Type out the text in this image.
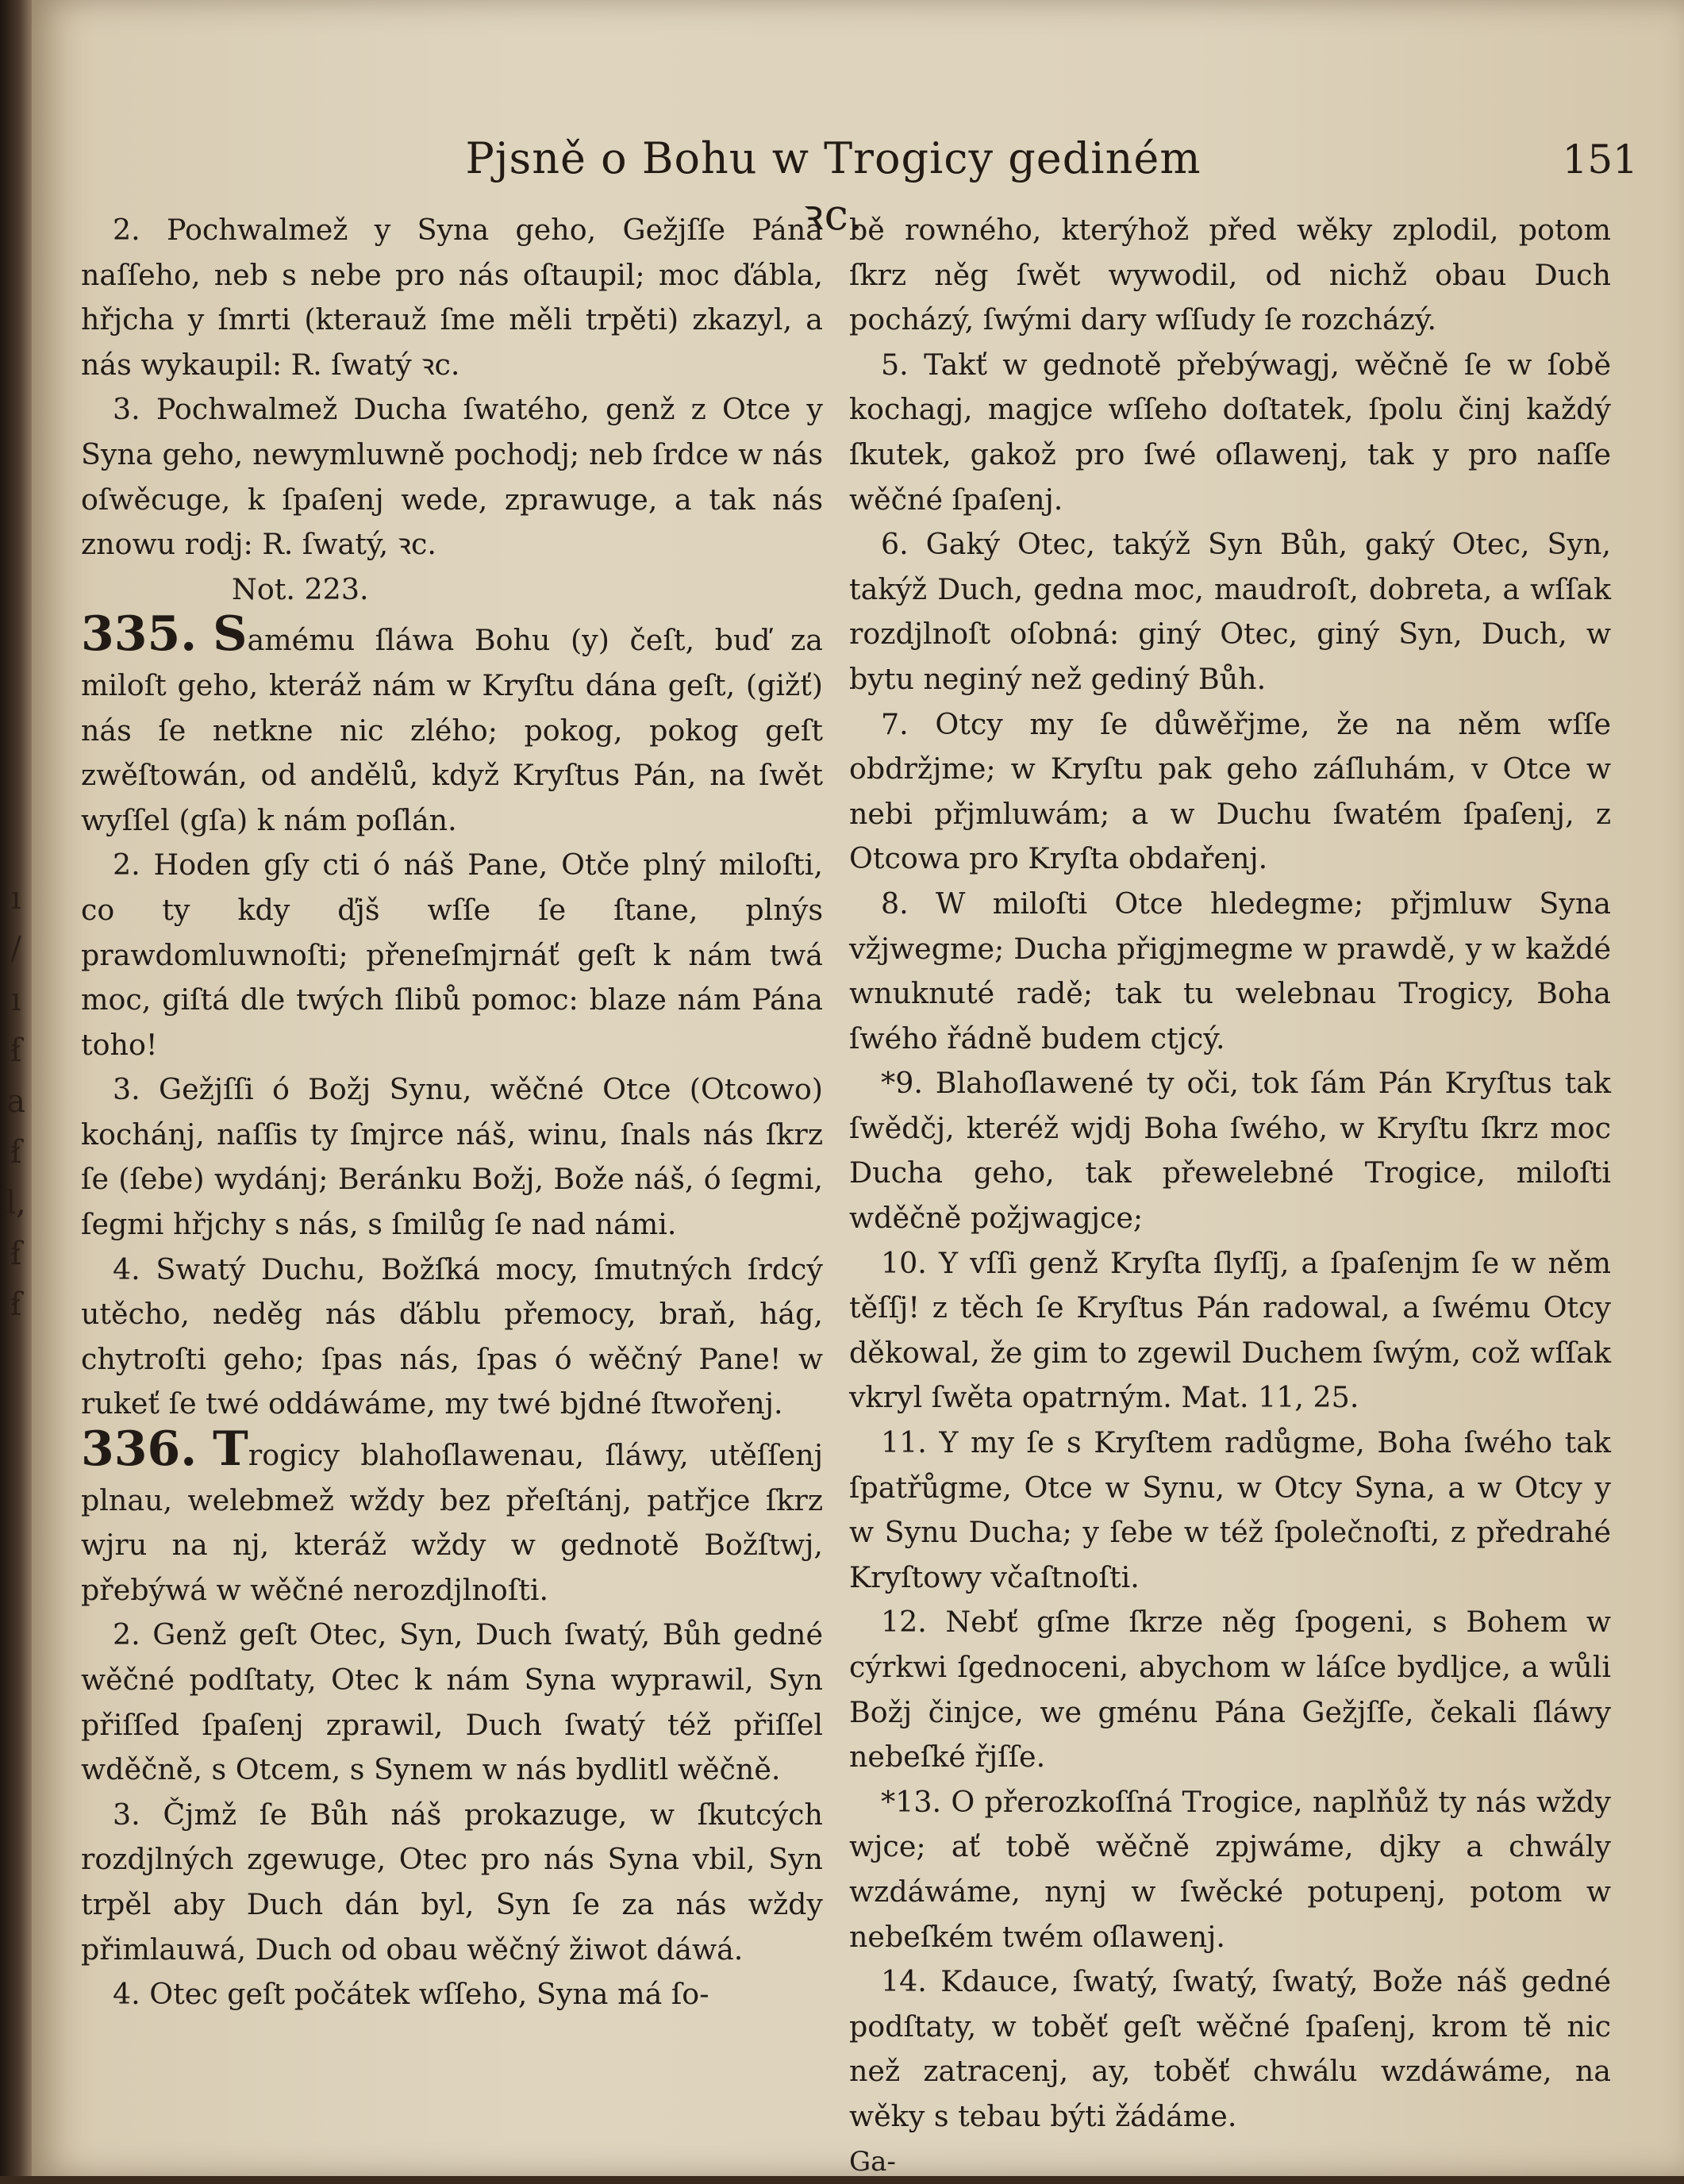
ı
/
ı
ẜ
a
ẜ
l,
ẜ
ẜ
Pjsně o Bohu w Trogicy gediném ꝛc.
151

2. Pochwalmež y Syna geho, Gežjſſe Pána naſſeho, neb s nebe pro nás oſtaupil; moc ďábla, hřjcha y ſmrti (kterauž ſme měli trpěti) zkazyl, a nás wykaupil: R. ſwatý ꝛc.

3. Pochwalmež Ducha ſwatého, genž z Otce y Syna geho, newymluwně pochodj; neb ſrdce w nás oſwěcuge, k ſpaſenj wede, zprawuge, a tak nás znowu rodj: R. ſwatý, ꝛc.

Not. 223.

335. Samému ſláwa Bohu (y) čeſt, buď za miloſt geho, kteráž nám w Kryſtu dána geſt, (gižť) nás ſe netkne nic zlého; pokog, pokog geſt zwěſtowán, od andělů, když Kryſtus Pán, na ſwět wyſſel (gſa) k nám poſlán.

2. Hoden gſy cti ó náš Pane, Otče plný miloſti, co ty kdy ďjš wſſe ſe ſtane, plnýs prawdomluwnoſti; přeneſmjrnáť geſt k nám twá moc, giſtá dle twých ſlibů pomoc: blaze nám Pána toho!

3. Gežjſſi ó Božj Synu, wěčné Otce (Otcowo) kochánj, naſſis ty ſmjrce náš, winu, ſnals nás ſkrz ſe (ſebe) wydánj; Beránku Božj, Bože náš, ó ſegmi, ſegmi hřjchy s nás, s ſmilůg ſe nad námi.

4. Swatý Duchu, Božſká mocy, ſmutných ſrdcý utěcho, neděg nás ďáblu přemocy, braň, hág, chytroſti geho; ſpas nás, ſpas ó wěčný Pane! w rukeť ſe twé oddáwáme, my twé bjdné ſtwořenj.

336. Trogicy blahoſlawenau, ſláwy, utěſſenj plnau, welebmež wždy bez přeſtánj, patřjce ſkrz wjru na nj, kteráž wždy w gednotě Božſtwj, přebýwá w wěčné nerozdjlnoſti.

2. Genž geſt Otec, Syn, Duch ſwatý, Bůh gedné wěčné podſtaty, Otec k nám Syna wyprawil, Syn přiſſed ſpaſenj zprawil, Duch ſwatý též přiſſel wděčně, s Otcem, s Synem w nás bydlitl wěčně.

3. Čjmž ſe Bůh náš prokazuge, w ſkutcých rozdjlných zgewuge, Otec pro nás Syna vbil, Syn trpěl aby Duch dán byl, Syn ſe za nás wždy přimlauwá, Duch od obau wěčný žiwot dáwá.

4. Otec geſt počátek wſſeho, Syna má ſo-

bě rowného, kterýhož před wěky zplodil, potom ſkrz něg ſwět wywodil, od nichž obau Duch pocházý, ſwými dary wſſudy ſe rozcházý.

5. Takť w gednotě přebýwagj, wěčně ſe w ſobě kochagj, magjce wſſeho doſtatek, ſpolu činj každý ſkutek, gakož pro ſwé oſlawenj, tak y pro naſſe wěčné ſpaſenj.

6. Gaký Otec, takýž Syn Bůh, gaký Otec, Syn, takýž Duch, gedna moc, maudroſt, dobreta, a wſſak rozdjlnoſt oſobná: giný Otec, giný Syn, Duch, w bytu neginý než gediný Bůh.

7. Otcy my ſe důwěřjme, že na něm wſſe obdržjme; w Kryſtu pak geho záſluhám, v Otce w nebi přjmluwám; a w Duchu ſwatém ſpaſenj, z Otcowa pro Kryſta obdařenj.

8. W miloſti Otce hledegme; přjmluw Syna vžjwegme; Ducha přigjmegme w prawdě, y w každé wnuknuté radě; tak tu welebnau Trogicy, Boha ſwého řádně budem ctjcý.

*9. Blahoſlawené ty oči, tok ſám Pán Kryſtus tak ſwědčj, kteréž wjdj Boha ſwého, w Kryſtu ſkrz moc Ducha geho, tak přewelebné Trogice, miloſti wděčně požjwagjce;

10. Y vſſi genž Kryſta ſlyſſj, a ſpaſenjm ſe w něm těſſj! z těch ſe Kryſtus Pán radowal, a ſwému Otcy děkowal, že gim to zgewil Duchem ſwým, což wſſak vkryl ſwěta opatrným. Mat. 11, 25.

11. Y my ſe s Kryſtem radůgme, Boha ſwého tak ſpatřůgme, Otce w Synu, w Otcy Syna, a w Otcy y w Synu Ducha; y ſebe w též ſpolečnoſti, z předrahé Kryſtowy včaſtnoſti.

12. Nebť gſme ſkrze něg ſpogeni, s Bohem w cýrkwi ſgednoceni, abychom w láſce bydljce, a wůli Božj činjce, we gménu Pána Gežjſſe, čekali ſláwy nebeſké řjſſe.

*13. O přerozkoſſná Trogice, naplňůž ty nás wždy wjce; ať tobě wěčně zpjwáme, djky a chwály wzdáwáme, nynj w ſwěcké potupenj, potom w nebeſkém twém oſlawenj.

14. Kdauce, ſwatý, ſwatý, ſwatý, Bože náš gedné podſtaty, w toběť geſt wěčné ſpaſenj, krom tě nic než zatracenj, ay, toběť chwálu wzdáwáme, na wěky s tebau býti žádáme.

Ga-
